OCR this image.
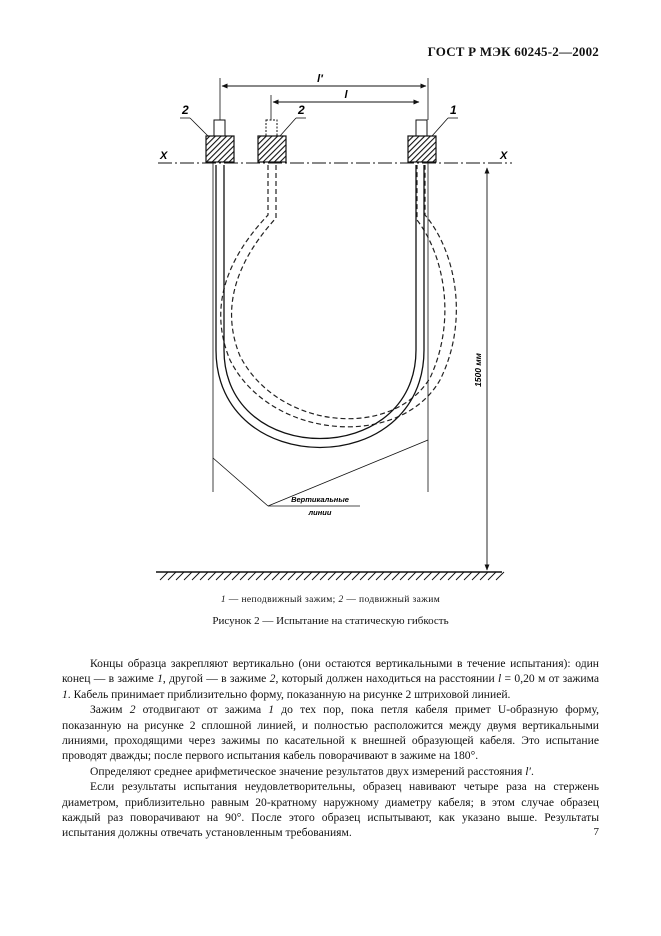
ГОСТ Р МЭК 60245-2—2002
l′
l
X	X
2	2	1
1500 мм
Вертикальные
линии
1 — неподвижный зажим; 2 — подвижный зажим
Рисунок 2 — Испытание на статическую гибкость

Концы образца закрепляют вертикально (они остаются вертикальными в течение испытания): один конец — в зажиме 1, другой — в зажиме 2, который должен находиться на расстоянии l = 0,20 м от зажима 1. Кабель принимает приблизительно форму, показанную на рисунке 2 штриховой линией.

Зажим 2 отодвигают от зажима 1 до тех пор, пока петля кабеля примет U-образную форму, показанную на рисунке 2 сплошной линией, и полностью расположится между двумя вертикальными линиями, проходящими через зажимы по касательной к внешней образующей кабеля. Это испытание проводят дважды; после первого испытания кабель поворачивают в зажиме на 180°.

Определяют среднее арифметическое значение результатов двух измерений расстояния l′.

Если результаты испытания неудовлетворительны, образец навивают четыре раза на стержень диаметром, приблизительно равным 20-кратному наружному диаметру кабеля; в этом случае образец каждый раз поворачивают на 90°. После этого образец испытывают, как указано выше. Результаты испытания должны отвечать установленным требованиям.	7
